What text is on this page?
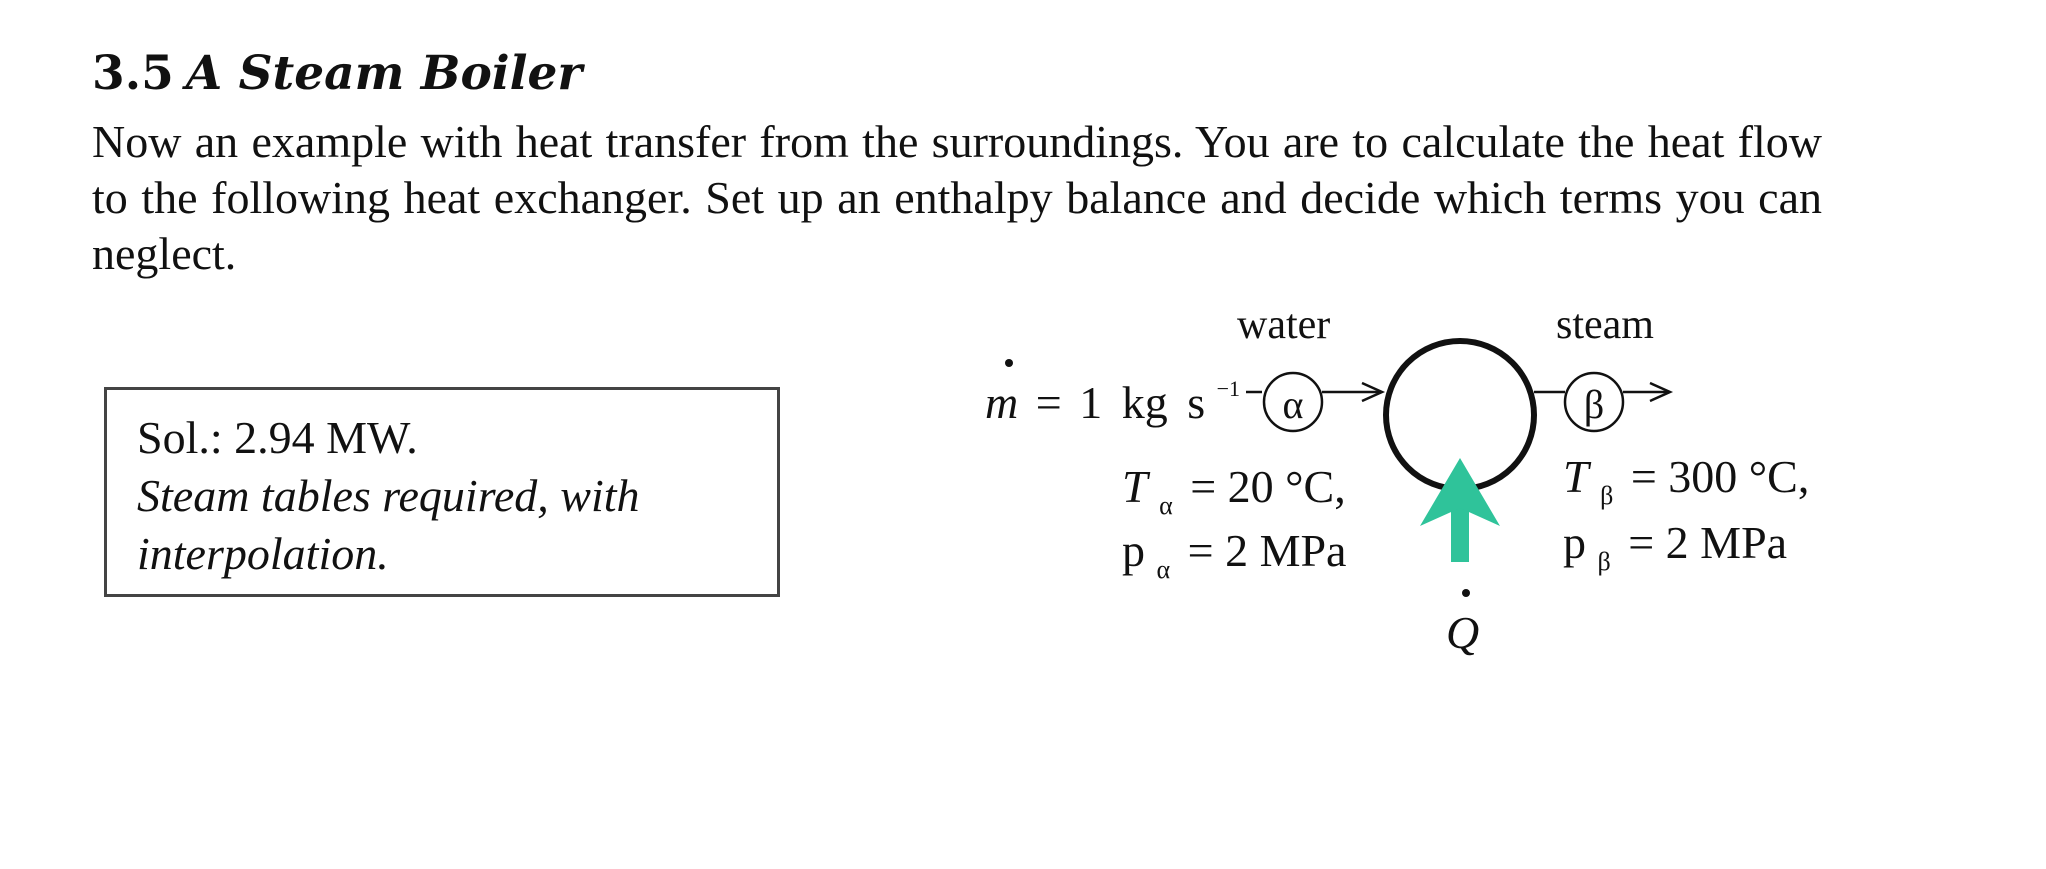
3.5 A Steam Boiler

Now an example with heat transfer from the surroundings. You are to calculate the heat flow to the following heat exchanger. Set up an enthalpy balance and decide which terms you can neglect.

Sol.: 2.94 MW.
Steam tables required, with
interpolation.
water	steam
m = 1 kg s $^{-1}$ α	β
T $_\alpha$ = 20 °C,
p $_\alpha$ = 2 MPa
T $_\beta$ = 300 °C,
p $_\beta$ = 2 MPa
Q
